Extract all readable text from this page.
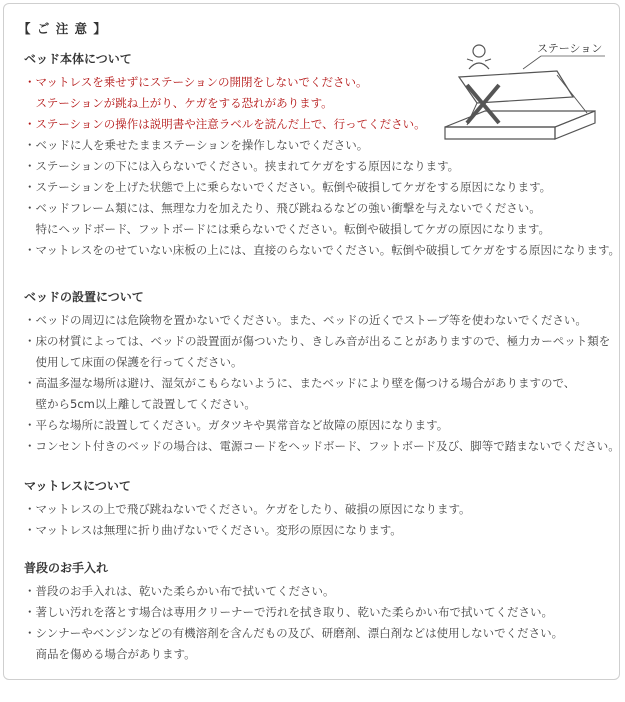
【 ご 注 意 】
ステーション
ベッド本体について
・マットレスを乗せずにステーションの開閉をしないでください。
　ステーションが跳ね上がり、ケガをする恐れがあります。
・ステーションの操作は説明書や注意ラベルを読んだ上で、行ってください。
・ベッドに人を乗せたままステーションを操作しないでください。
・ステーションの下には入らないでください。挟まれてケガをする原因になります。
・ステーションを上げた状態で上に乗らないでください。転倒や破損してケガをする原因になります。
・ベッドフレーム類には、無理な力を加えたり、飛び跳ねるなどの強い衝撃を与えないでください。
　特にヘッドボード、フットボードには乗らないでください。転倒や破損してケガの原因になります。
・マットレスをのせていない床板の上には、直接のらないでください。転倒や破損してケガをする原因になります。
ベッドの設置について
・ベッドの周辺には危険物を置かないでください。また、ベッドの近くでストーブ等を使わないでください。
・床の材質によっては、ベッドの設置面が傷ついたり、きしみ音が出ることがありますので、極力カーペット類を
　使用して床面の保護を行ってください。
・高温多湿な場所は避け、湿気がこもらないように、またベッドにより壁を傷つける場合がありますので、
　壁から5cm以上離して設置してください。
・平らな場所に設置してください。ガタツキや異常音など故障の原因になります。
・コンセント付きのベッドの場合は、電源コードをヘッドボード、フットボード及び、脚等で踏まないでください。
マットレスについて
・マットレスの上で飛び跳ねないでください。ケガをしたり、破損の原因になります。
・マットレスは無理に折り曲げないでください。変形の原因になります。
普段のお手入れ
・普段のお手入れは、乾いた柔らかい布で拭いてください。
・著しい汚れを落とす場合は専用クリーナーで汚れを拭き取り、乾いた柔らかい布で拭いてください。
・シンナーやベンジンなどの有機溶剤を含んだもの及び、研磨剤、漂白剤などは使用しないでください。
　商品を傷める場合があります。
